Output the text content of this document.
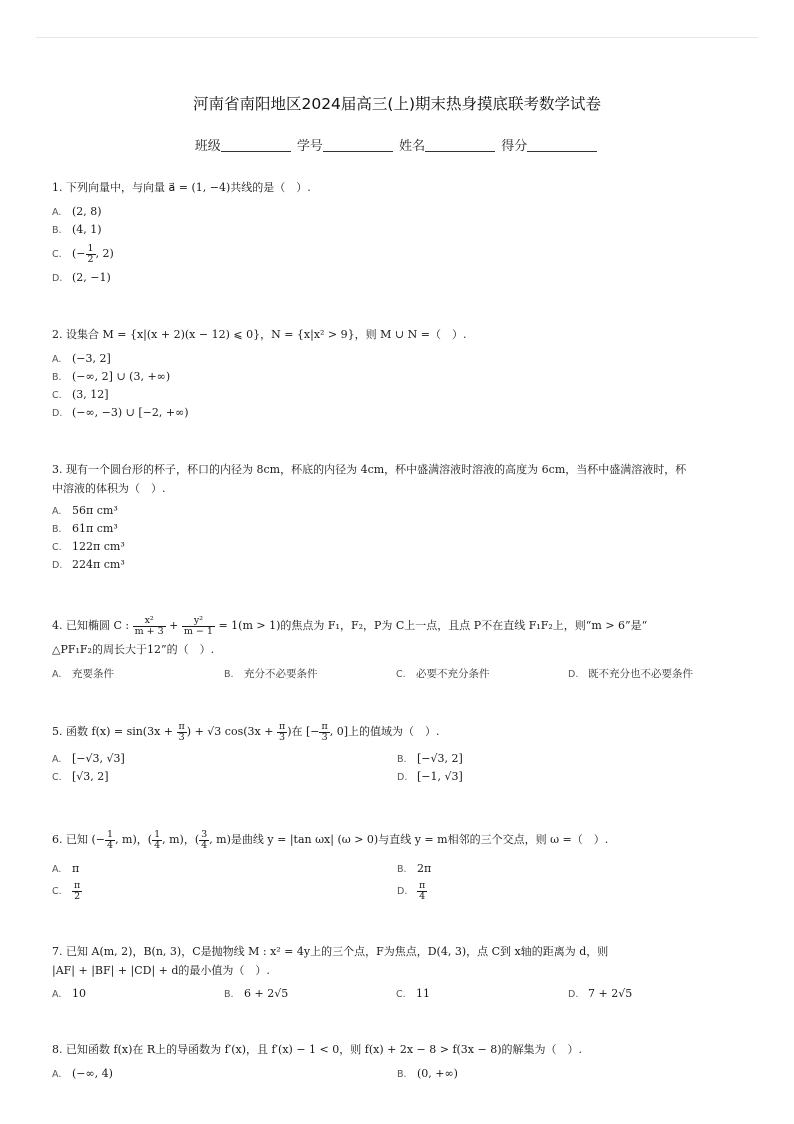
河南省南阳地区2024届高三(上)期末热身摸底联考数学试卷
班级	学号	姓名	得分
1. 下列向量中，与向量 a⃗ = (1, −4)共线的是（　）.
A. (2, 8)
B. (4, 1)
C. (− $\frac{1}{2}$ , 2)
D. (2, −1)
2. 设集合 M = {x|(x + 2)(x − 12) ⩽ 0}，N = {x|x² > 9}，则 M ∪ N =（　）.
A. (−3, 2]
B. (−∞, 2] ∪ (3, +∞)
C. (3, 12]
D. (−∞, −3) ∪ [−2, +∞)
3. 现有一个圆台形的杯子，杯口的内径为 8cm，杯底的内径为 4cm，杯中盛满溶液时溶液的高度为 6cm，当杯中盛满溶液时，杯
中溶液的体积为（　）.
A. 56π cm³
B. 61π cm³
C. 122π cm³
D. 224π cm³
4. 已知椭圆 C : $\frac{\text{x²}}{m + 3} + \frac{\text{y²}}{m - 1} = 1(m > 1)$的焦点为 F₁，F₂，P为 C上一点，且点 P不在直线 F₁F₂上，则“m > 6”是“
△PF₁F₂的周长大于12”的（　）.
A. 充要条件	B. 充分不必要条件	C. 必要不充分条件	D. 既不充分也不必要条件
5. 函数 $f(x) = \sin(3x + \frac{\pi}{3}$ ) + √3 $\cos(3x + \frac{\pi}{3}$ )在 [− $\frac{\pi}{3}$ , 0]上的值域为（　）.
A. [−√3, √3]	B. [−√3, 2]
C. [√3, 2]	D. [−1, √3]
6. 已知 (− $\frac{1}{4}$ , m)，( $\frac{1}{4}$ , m)，( $\frac{3}{4}$ , m)是曲线 y = |tan ωx| (ω > 0)与直线 y = m相邻的三个交点，则 ω =（　）.
A. π	B. 2π
C. $\frac{\pi}{2}$	D. $\frac{\pi}{4}$
7. 已知 A(m, 2)，B(n, 3)，C是抛物线 M : x² = 4y上的三个点，F为焦点，D(4, 3)，点 C到 x轴的距离为 d，则
|AF| + |BF| + |CD| + d的最小值为（　）.
A. 10	B. 6 + 2√5	C. 11	D. 7 + 2√5
8. 已知函数 f(x)在 R上的导函数为 f′(x)，且 f′(x) − 1 < 0，则 f(x) + 2x − 8 > f(3x − 8)的解集为（　）.
A. (−∞, 4)	B. (0, +∞)
